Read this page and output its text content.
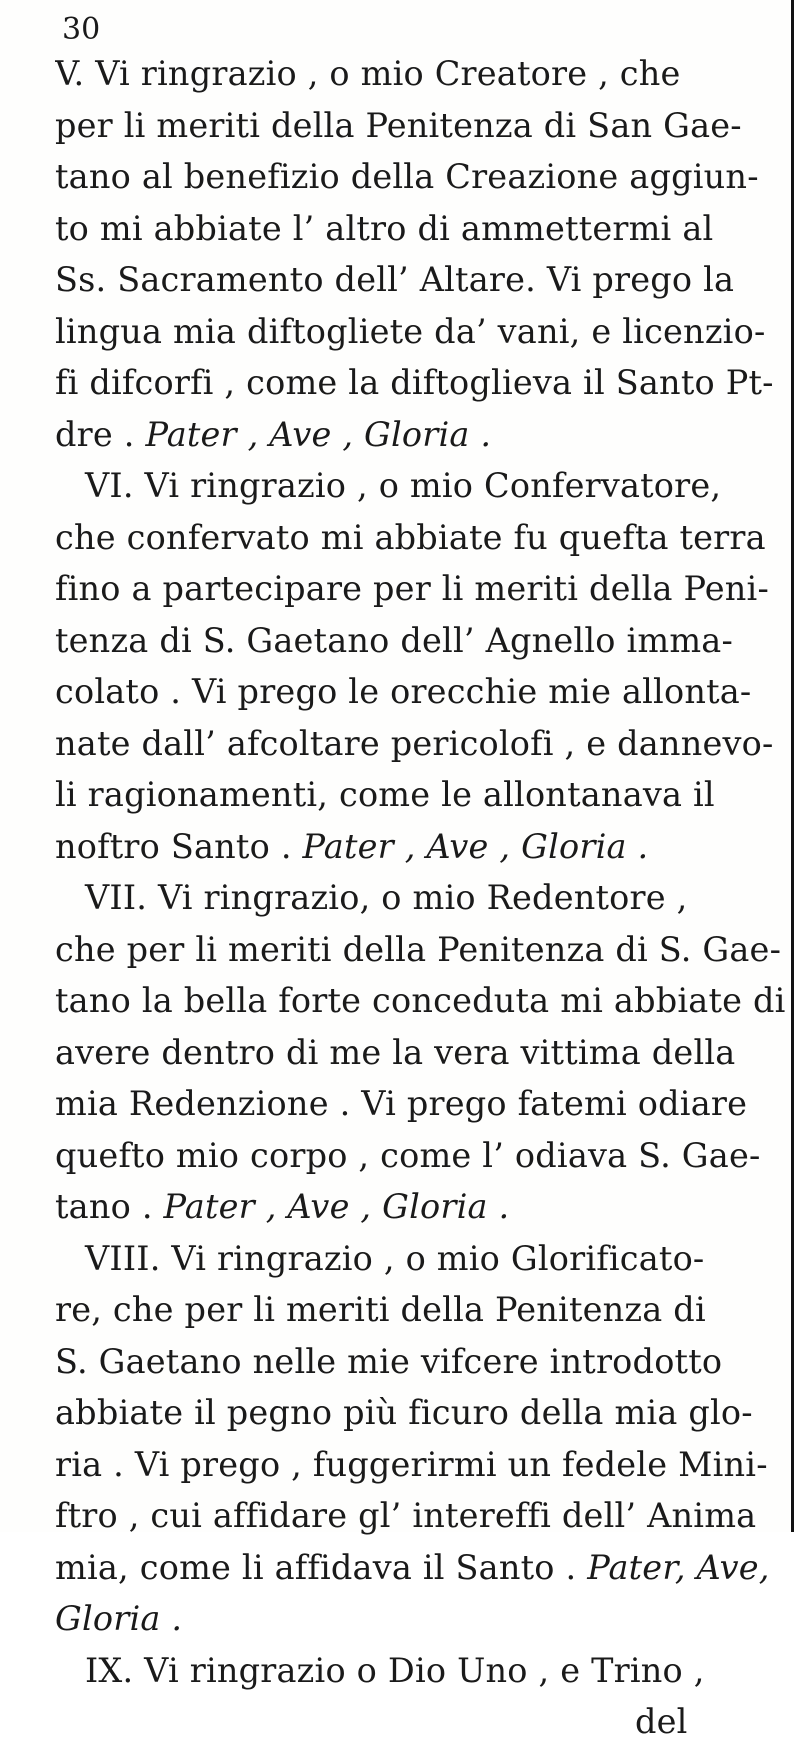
30
V. Vi ringrazio , o mio Creatore , che
per li meriti della Penitenza di San Gae-
tano al benefizio della Creazione aggiun-
to mi abbiate l’ altro di ammettermi al
Ss. Sacramento dell’ Altare. Vi prego la
lingua mia diftogliete da’ vani, e licenzio-
fi difcorfi , come la diftoglieva il Santo Pt-
dre . Pater , Ave , Gloria .
VI. Vi ringrazio , o mio Confervatore,
che confervato mi abbiate fu quefta terra
fino a partecipare per li meriti della Peni-
tenza di S. Gaetano dell’ Agnello imma-
colato . Vi prego le orecchie mie allonta-
nate dall’ afcoltare pericolofi , e dannevo-
li ragionamenti, come le allontanava il
noftro Santo . Pater , Ave , Gloria .
VII. Vi ringrazio, o mio Redentore ,
che per li meriti della Penitenza di S. Gae-
tano la bella forte conceduta mi abbiate di
avere dentro di me la vera vittima della
mia Redenzione . Vi prego fatemi odiare
quefto mio corpo , come l’ odiava S. Gae-
tano . Pater , Ave , Gloria .
VIII. Vi ringrazio , o mio Glorificato-
re, che per li meriti della Penitenza di
S. Gaetano nelle mie vifcere introdotto
abbiate il pegno più ficuro della mia glo-
ria . Vi prego , fuggerirmi un fedele Mini-
ftro , cui affidare gl’ intereffi dell’ Anima
mia, come li affidava il Santo . Pater, Ave,
Gloria .
IX. Vi ringrazio o Dio Uno , e Trino ,
del
